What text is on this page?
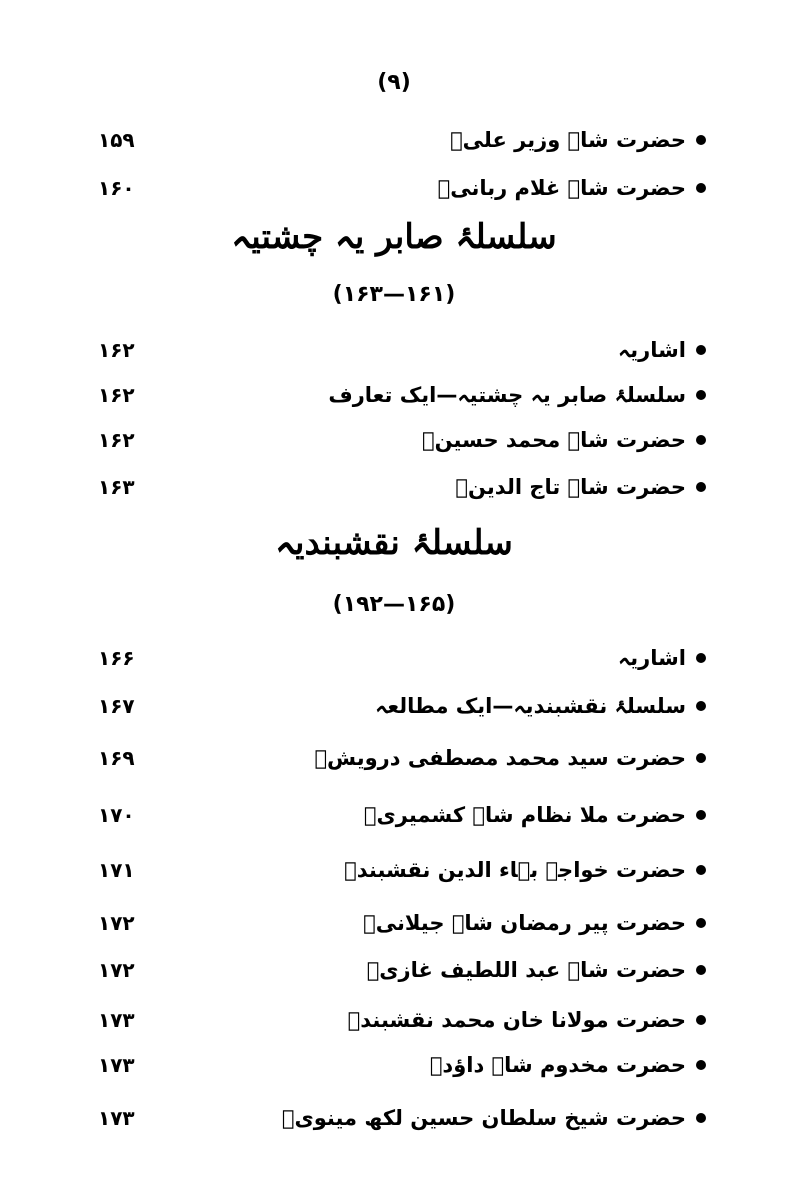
(۹)
حضرت شاہ وزیر علیؒ
۱۵۹
حضرت شاہ غلام ربانیؒ
۱۶۰
سلسلۂ صابر یہ چشتیہ
(۱۶۱—۱۶۳)
اشاریہ
۱۶۲
سلسلۂ صابر یہ چشتیہ—ایک تعارف
۱۶۲
حضرت شاہ محمد حسینؒ
۱۶۲
حضرت شاہ تاج الدینؒ
۱۶۳
سلسلۂ نقشبندیہ
(۱۶۵—۱۹۲)
اشاریہ
۱۶۶
سلسلۂ نقشبندیہ—ایک مطالعہ
۱۶۷
حضرت سید محمد مصطفی درویشؒ
۱۶۹
حضرت ملا نظام شاہ کشمیریؒ
۱۷۰
حضرت خواجہ بہاء الدین نقشبندؒ
۱۷۱
حضرت پیر رمضان شاہ جیلانیؒ
۱۷۲
حضرت شاہ عبد اللطیف غازیؒ
۱۷۲
حضرت مولانا خان محمد نقشبندؒ
۱۷۳
حضرت مخدوم شاہ داؤدؒ
۱۷۳
حضرت شیخ سلطان حسین لکھ مینویؒ
۱۷۳
